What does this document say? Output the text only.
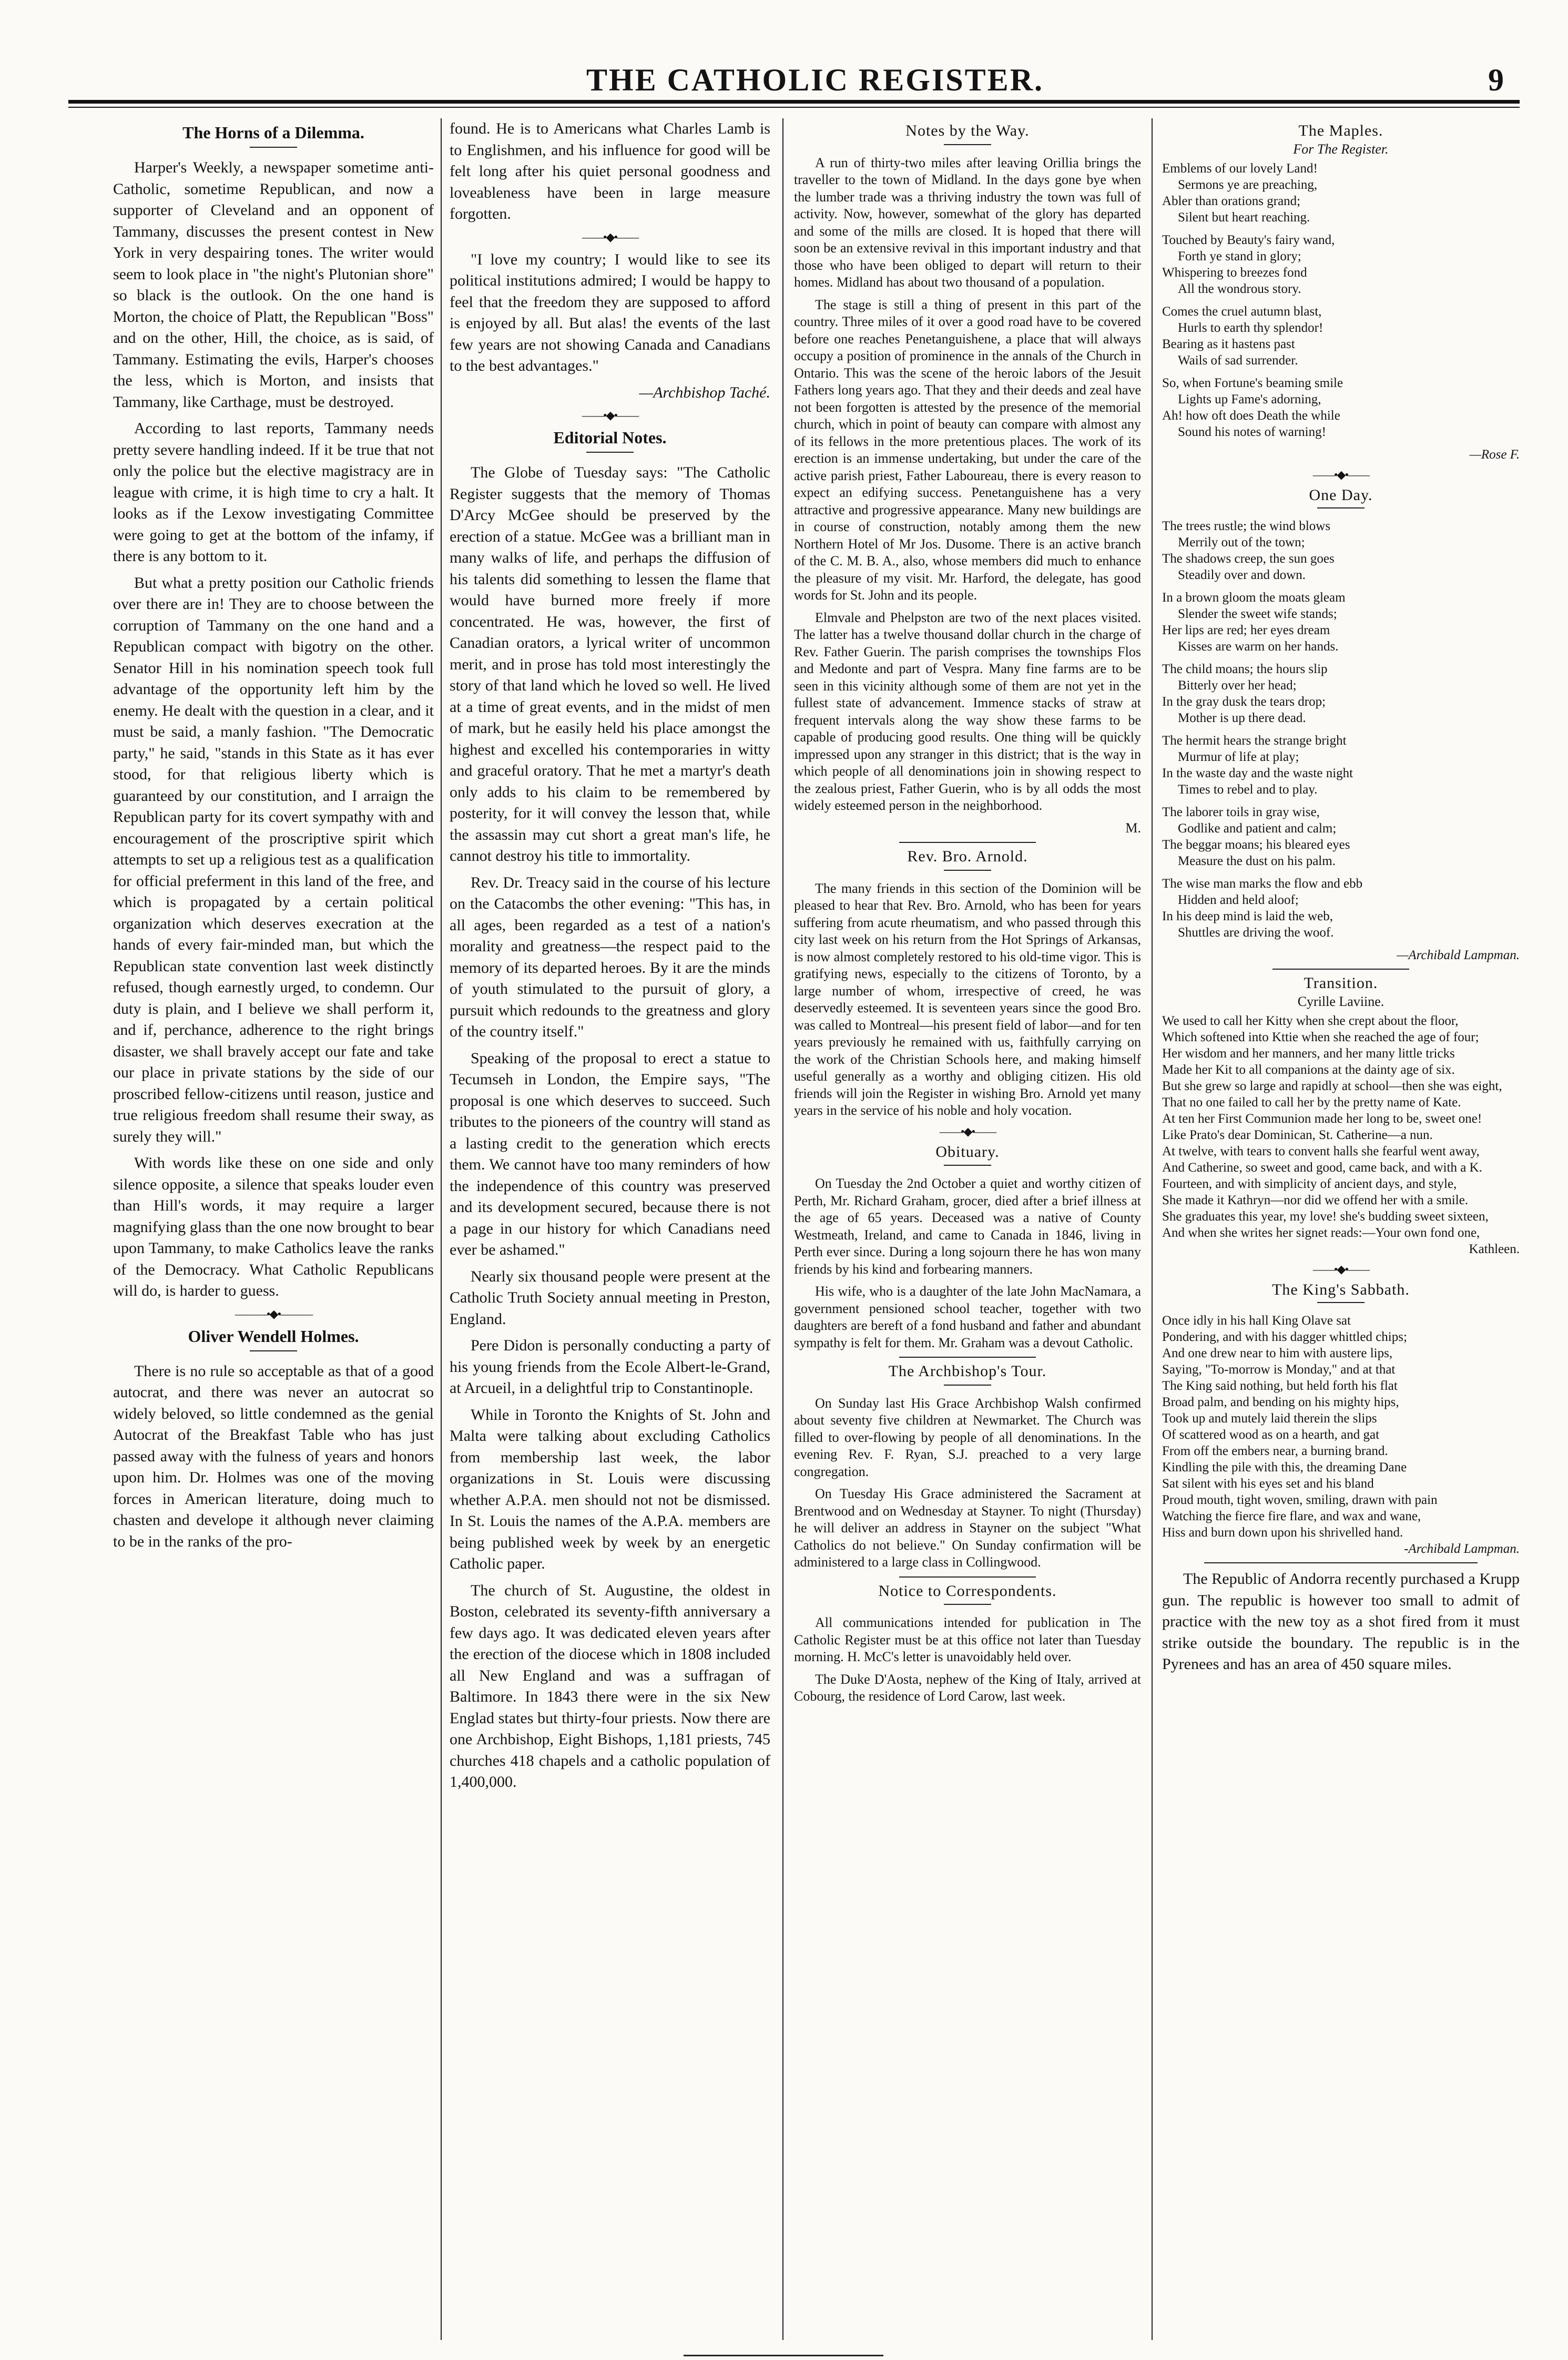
THE CATHOLIC REGISTER.	9
The Horns of a Dilemma.

Harper's Weekly, a newspaper sometime anti-Catholic, sometime Republican, and now a supporter of Cleveland and an opponent of Tammany, discusses the present contest in New York in very despairing tones. The writer would seem to look place in "the night's Plutonian shore" so black is the outlook. On the one hand is Morton, the choice of Platt, the Republican "Boss" and on the other, Hill, the choice, as is said, of Tammany. Estimating the evils, Harper's chooses the less, which is Morton, and insists that Tammany, like Carthage, must be destroyed.

According to last reports, Tammany needs pretty severe handling indeed. If it be true that not only the police but the elective magistracy are in league with crime, it is high time to cry a halt. It looks as if the Lexow investigating Committee were going to get at the bottom of the infamy, if there is any bottom to it.

But what a pretty position our Catholic friends over there are in! They are to choose between the corruption of Tammany on the one hand and a Republican compact with bigotry on the other. Senator Hill in his nomination speech took full advantage of the opportunity left him by the enemy. He dealt with the question in a clear, and it must be said, a manly fashion. "The Democratic party," he said, "stands in this State as it has ever stood, for that religious liberty which is guaranteed by our constitution, and I arraign the Republican party for its covert sympathy with and encouragement of the proscriptive spirit which attempts to set up a religious test as a qualification for official preferment in this land of the free, and which is propagated by a certain political organization which deserves execration at the hands of every fair-minded man, but which the Republican state convention last week distinctly refused, though earnestly urged, to condemn. Our duty is plain, and I believe we shall perform it, and if, perchance, adherence to the right brings disaster, we shall bravely accept our fate and take our place in private stations by the side of our proscribed fellow-citizens until reason, justice and true religious freedom shall resume their sway, as surely they will."

With words like these on one side and only silence opposite, a silence that speaks louder even than Hill's words, it may require a larger magnifying glass than the one now brought to bear upon Tammany, to make Catholics leave the ranks of the Democracy. What Catholic Republicans will do, is harder to guess.

———•◆•———
Oliver Wendell Holmes.

There is no rule so acceptable as that of a good autocrat, and there was never an autocrat so widely beloved, so little condemned as the genial Autocrat of the Breakfast Table who has just passed away with the fulness of years and honors upon him. Dr. Holmes was one of the moving forces in American literature, doing much to chasten and develope it although never claiming to be in the ranks of the pro-

found. He is to Americans what Charles Lamb is to Englishmen, and his influence for good will be felt long after his quiet personal goodness and loveableness have been in large measure forgotten.

——•◆•——

"I love my country; I would like to see its political institutions admired; I would be happy to feel that the freedom they are supposed to afford is enjoyed by all. But alas! the events of the last few years are not showing Canada and Canadians to the best advantages."

—Archbishop Taché.
——•◆•——
Editorial Notes.

The Globe of Tuesday says: "The Catholic Register suggests that the memory of Thomas D'Arcy McGee should be preserved by the erection of a statue. McGee was a brilliant man in many walks of life, and perhaps the diffusion of his talents did something to lessen the flame that would have burned more freely if more concentrated. He was, however, the first of Canadian orators, a lyrical writer of uncommon merit, and in prose has told most interestingly the story of that land which he loved so well. He lived at a time of great events, and in the midst of men of mark, but he easily held his place amongst the highest and excelled his contemporaries in witty and graceful oratory. That he met a martyr's death only adds to his claim to be remembered by posterity, for it will convey the lesson that, while the assassin may cut short a great man's life, he cannot destroy his title to immortality.

Rev. Dr. Treacy said in the course of his lecture on the Catacombs the other evening: "This has, in all ages, been regarded as a test of a nation's morality and greatness—the respect paid to the memory of its departed heroes. By it are the minds of youth stimulated to the pursuit of glory, a pursuit which redounds to the greatness and glory of the country itself."

Speaking of the proposal to erect a statue to Tecumseh in London, the Empire says, "The proposal is one which deserves to succeed. Such tributes to the pioneers of the country will stand as a lasting credit to the generation which erects them. We cannot have too many reminders of how the independence of this country was preserved and its development secured, because there is not a page in our history for which Canadians need ever be ashamed."

Nearly six thousand people were present at the Catholic Truth Society annual meeting in Preston, England.

Pere Didon is personally conducting a party of his young friends from the Ecole Albert-le-Grand, at Arcueil, in a delightful trip to Constantinople.

While in Toronto the Knights of St. John and Malta were talking about excluding Catholics from membership last week, the labor organizations in St. Louis were discussing whether A.P.A. men should not not be dismissed. In St. Louis the names of the A.P.A. members are being published week by week by an energetic Catholic paper.

The church of St. Augustine, the oldest in Boston, celebrated its seventy-fifth anniversary a few days ago. It was dedicated eleven years after the erection of the diocese which in 1808 included all New England and was a suffragan of Baltimore. In 1843 there were in the six New Englad states but thirty-four priests. Now there are one Archbishop, Eight Bishops, 1,181 priests, 745 churches 418 chapels and a catholic population of 1,400,000.

Notes by the Way.

A run of thirty-two miles after leaving Orillia brings the traveller to the town of Midland. In the days gone bye when the lumber trade was a thriving industry the town was full of activity. Now, however, somewhat of the glory has departed and some of the mills are closed. It is hoped that there will soon be an extensive revival in this important industry and that those who have been obliged to depart will return to their homes. Midland has about two thousand of a population.

The stage is still a thing of present in this part of the country. Three miles of it over a good road have to be covered before one reaches Penetanguishene, a place that will always occupy a position of prominence in the annals of the Church in Ontario. This was the scene of the heroic labors of the Jesuit Fathers long years ago. That they and their deeds and zeal have not been forgotten is attested by the presence of the memorial church, which in point of beauty can compare with almost any of its fellows in the more pretentious places. The work of its erection is an immense undertaking, but under the care of the active parish priest, Father Laboureau, there is every reason to expect an edifying success. Penetanguishene has a very attractive and progressive appearance. Many new buildings are in course of construction, notably among them the new Northern Hotel of Mr Jos. Dusome. There is an active branch of the C. M. B. A., also, whose members did much to enhance the pleasure of my visit. Mr. Harford, the delegate, has good words for St. John and its people.

Elmvale and Phelpston are two of the next places visited. The latter has a twelve thousand dollar church in the charge of Rev. Father Guerin. The parish comprises the townships Flos and Medonte and part of Vespra. Many fine farms are to be seen in this vicinity although some of them are not yet in the fullest state of advancement. Immence stacks of straw at frequent intervals along the way show these farms to be capable of producing good results. One thing will be quickly impressed upon any stranger in this district; that is the way in which people of all denominations join in showing respect to the zealous priest, Father Guerin, who is by all odds the most widely esteemed person in the neighborhood.

M.
Rev. Bro. Arnold.

The many friends in this section of the Dominion will be pleased to hear that Rev. Bro. Arnold, who has been for years suffering from acute rheumatism, and who passed through this city last week on his return from the Hot Springs of Arkansas, is now almost completely restored to his old-time vigor. This is gratifying news, especially to the citizens of Toronto, by a large number of whom, irrespective of creed, he was deservedly esteemed. It is seventeen years since the good Bro. was called to Montreal—his present field of labor—and for ten years previously he remained with us, faithfully carrying on the work of the Christian Schools here, and making himself useful generally as a worthy and obliging citizen. His old friends will join the Register in wishing Bro. Arnold yet many years in the service of his noble and holy vocation.

——•◆•——
Obituary.

On Tuesday the 2nd October a quiet and worthy citizen of Perth, Mr. Richard Graham, grocer, died after a brief illness at the age of 65 years. Deceased was a native of County Westmeath, Ireland, and came to Canada in 1846, living in Perth ever since. During a long sojourn there he has won many friends by his kind and forbearing manners.

His wife, who is a daughter of the late John MacNamara, a government pensioned school teacher, together with two daughters are bereft of a fond husband and father and abundant sympathy is felt for them. Mr. Graham was a devout Catholic.

The Archbishop's Tour.

On Sunday last His Grace Archbishop Walsh confirmed about seventy five children at Newmarket. The Church was filled to over-flowing by people of all denominations. In the evening Rev. F. Ryan, S.J. preached to a very large congregation.

On Tuesday His Grace administered the Sacrament at Brentwood and on Wednesday at Stayner. To night (Thursday) he will deliver an address in Stayner on the subject "What Catholics do not believe." On Sunday confirmation will be administered to a large class in Collingwood.

Notice to Correspondents.

All communications intended for publication in The Catholic Register must be at this office not later than Tuesday morning. H. McC's letter is unavoidably held over.

The Duke D'Aosta, nephew of the King of Italy, arrived at Cobourg, the residence of Lord Carow, last week.

The Maples.
For The Register.
Emblems of our lovely Land!
Sermons ye are preaching,
Abler than orations grand;
Silent but heart reaching.
Touched by Beauty's fairy wand,
Forth ye stand in glory;
Whispering to breezes fond
All the wondrous story.
Comes the cruel autumn blast,
Hurls to earth thy splendor!
Bearing as it hastens past
Wails of sad surrender.
So, when Fortune's beaming smile
Lights up Fame's adorning,
Ah! how oft does Death the while
Sound his notes of warning!
—Rose F.
——•◆•——
One Day.
The trees rustle; the wind blows
Merrily out of the town;
The shadows creep, the sun goes
Steadily over and down.
In a brown gloom the moats gleam
Slender the sweet wife stands;
Her lips are red; her eyes dream
Kisses are warm on her hands.
The child moans; the hours slip
Bitterly over her head;
In the gray dusk the tears drop;
Mother is up there dead.
The hermit hears the strange bright
Murmur of life at play;
In the waste day and the waste night
Times to rebel and to play.
The laborer toils in gray wise,
Godlike and patient and calm;
The beggar moans; his bleared eyes
Measure the dust on his palm.
The wise man marks the flow and ebb
Hidden and held aloof;
In his deep mind is laid the web,
Shuttles are driving the woof.
—Archibald Lampman.
Transition.
Cyrille Laviine.
We used to call her Kitty when she crept about the floor,
Which softened into Kttie when she reached the age of four;
Her wisdom and her manners, and her many little tricks
Made her Kit to all companions at the dainty age of six.
But she grew so large and rapidly at school—then she was eight,
That no one failed to call her by the pretty name of Kate.
At ten her First Communion made her long to be, sweet one!
Like Prato's dear Dominican, St. Catherine—a nun.
At twelve, with tears to convent halls she fearful went away,
And Catherine, so sweet and good, came back, and with a K.
Fourteen, and with simplicity of ancient days, and style,
She made it Kathryn—nor did we offend her with a smile.
She graduates this year, my love! she's budding sweet sixteen,
And when she writes her signet reads:—Your own fond one,
Kathleen.
——•◆•——
The King's Sabbath.
Once idly in his hall King Olave sat
Pondering, and with his dagger whittled chips;
And one drew near to him with austere lips,
Saying, "To-morrow is Monday," and at that
The King said nothing, but held forth his flat
Broad palm, and bending on his mighty hips,
Took up and mutely laid therein the slips
Of scattered wood as on a hearth, and gat
From off the embers near, a burning brand.
Kindling the pile with this, the dreaming Dane
Sat silent with his eyes set and his bland
Proud mouth, tight woven, smiling, drawn with pain
Watching the fierce fire flare, and wax and wane,
Hiss and burn down upon his shrivelled hand.
-Archibald Lampman.

The Republic of Andorra recently purchased a Krupp gun. The republic is however too small to admit of practice with the new toy as a shot fired from it must strike outside the boundary. The republic is in the Pyrenees and has an area of 450 square miles.
